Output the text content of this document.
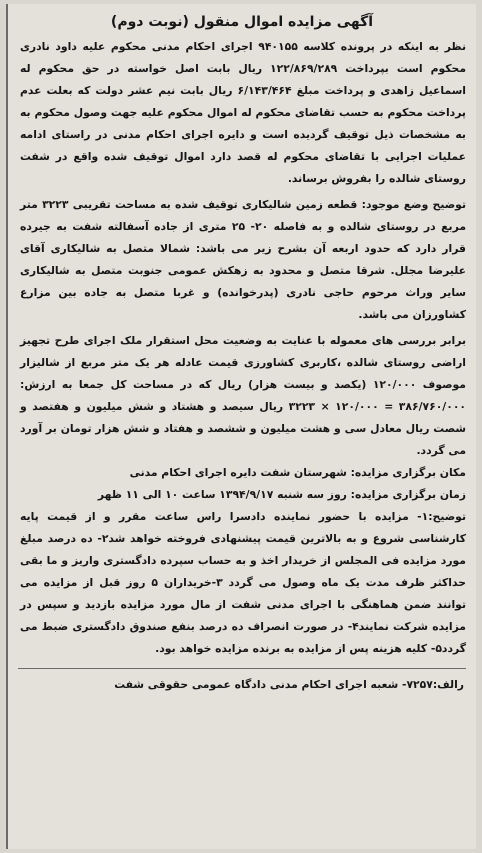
آگهی مزایده اموال منقول (نوبت دوم)

نظر به اینکه در پرونده کلاسه ۹۴۰۱۵۵ اجرای احکام مدنی محکوم علیه داود نادری محکوم است بپرداخت ۱۲۲/۸۶۹/۲۸۹ ریال بابت اصل خواسته در حق محکوم له اسماعیل زاهدی و پرداخت مبلغ ۶/۱۴۳/۴۶۴ ریال بابت نیم عشر دولت که بعلت عدم پرداخت محکوم به حسب تقاضای محکوم له اموال محکوم علیه جهت وصول محکوم به به مشخصات ذیل توقیف گردیده است و دایره اجرای احکام مدنی در راستای ادامه عملیات اجرایی با تقاضای محکوم له قصد دارد اموال توقیف شده واقع در شفت روستای شالده را بفروش برساند.

توضیح وضع موجود: قطعه زمین شالیکاری توقیف شده به مساحت تقریبی ۳۲۲۳ متر مربع در روستای شالده و به فاصله ۲۰- ۲۵ متری از جاده آسفالته شفت به جیرده قرار دارد که حدود اربعه آن بشرح زیر می باشد: شمالا متصل به شالیکاری آقای علیرضا مجلل. شرقا متصل و محدود به زهکش عمومی جنوبت متصل به شالیکاری سایر وراث مرحوم حاجی نادری (پدرخوانده) و غربا متصل به جاده بین مزارع کشاورزان می باشد.

برابر بررسی های معموله با عنایت به وضعیت محل استقرار ملک اجرای طرح تجهیز اراضی روستای شالده ،کاربری کشاورزی قیمت عادله هر یک متر مربع از شالیزار موصوف ۱۲۰/۰۰۰ (یکصد و بیست هزار) ریال که در مساحت کل جمعا به ارزش: ۳۸۶/۷۶۰/۰۰۰ = ۱۲۰/۰۰۰ × ۳۲۲۳ ریال سیصد و هشتاد و شش میلیون و هفتصد و شصت ریال معادل سی و هشت میلیون و ششصد و هفتاد و شش هزار تومان بر آورد می گردد.

مکان برگزاری مزایده: شهرستان شفت دایره اجرای احکام مدنی

زمان برگزاری مزایده: روز سه شنبه ۱۳۹۴/۹/۱۷ ساعت ۱۰ الی ۱۱ ظهر

توضیح:۱- مزایده با حضور نماینده دادسرا راس ساعت مقرر و از قیمت پایه کارشناسی شروع و به بالاترین قیمت پیشنهادی فروخته خواهد شد۲- ده درصد مبلغ مورد مزایده فی المجلس از خریدار اخذ و به حساب سپرده دادگستری واریز و ما بقی حداکثر ظرف مدت یک ماه وصول می گردد ۳-خریداران ۵ روز قبل از مزایده می توانند ضمن هماهنگی با اجرای مدنی شفت از مال مورد مزایده بازدید و سپس در مزایده شرکت نمایند۴- در صورت انصراف ده درصد بنفع صندوق دادگستری ضبط می گردد۵- کلیه هزینه پس از مزایده به برنده مزایده خواهد بود.

رالف:۷۲۵۷- شعبه اجرای احکام مدنی دادگاه عمومی حقوقی شفت
